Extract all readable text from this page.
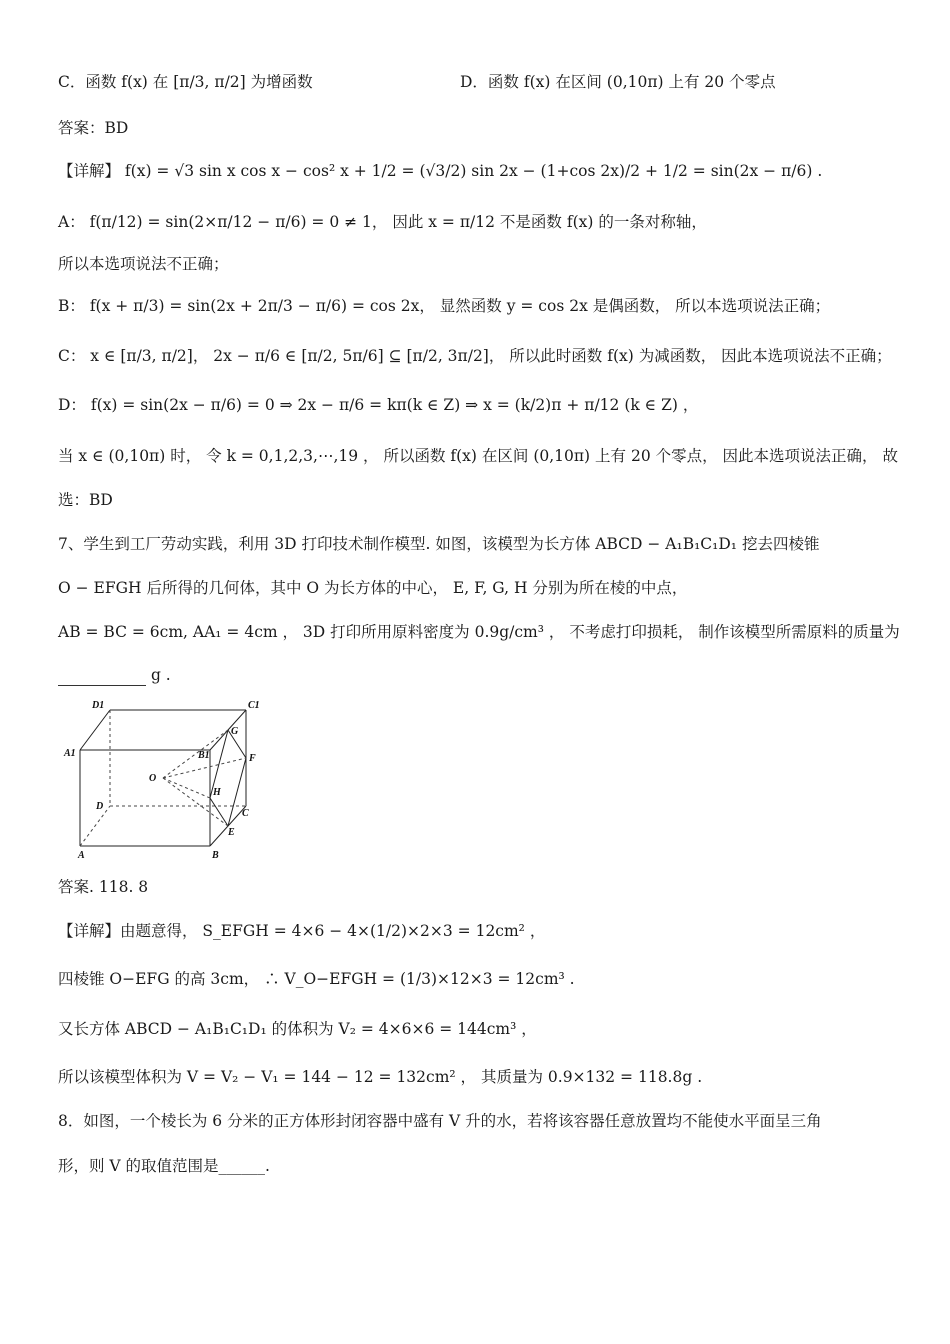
C．函数 f(x) 在 [π/3, π/2] 为增函数	D．函数 f(x) 在区间 (0,10π) 上有 20 个零点
答案：BD
【详解】 f(x) = √3 sin x cos x − cos² x + 1/2 = (√3/2) sin 2x − (1+cos 2x)/2 + 1/2 = sin(2x − π/6) .
A： f(π/12) = sin(2×π/12 − π/6) = 0 ≠ 1， 因此 x = π/12 不是函数 f(x) 的一条对称轴，
所以本选项说法不正确；
B： f(x + π/3) = sin(2x + 2π/3 − π/6) = cos 2x， 显然函数 y = cos 2x 是偶函数， 所以本选项说法正确；
C： x ∈ [π/3, π/2]， 2x − π/6 ∈ [π/2, 5π/6] ⊆ [π/2, 3π/2]， 所以此时函数 f(x) 为减函数， 因此本选项说法不正确；
D： f(x) = sin(2x − π/6) = 0 ⇒ 2x − π/6 = kπ(k ∈ Z) ⇒ x = (k/2)π + π/12 (k ∈ Z) ，
当 x ∈ (0,10π) 时， 令 k = 0,1,2,3,⋯,19 ， 所以函数 f(x) 在区间 (0,10π) 上有 20 个零点， 因此本选项说法正确， 故
选：BD
7、学生到工厂劳动实践，利用 3D 打印技术制作模型. 如图，该模型为长方体 ABCD − A₁B₁C₁D₁ 挖去四棱锥
O − EFGH 后所得的几何体，其中 O 为长方体的中心， E, F, G, H 分别为所在棱的中点，
AB = BC = 6cm, AA₁ = 4cm ， 3D 打印所用原料密度为 0.9g/cm³ ， 不考虑打印损耗， 制作该模型所需原料的质量为
g .
D1	C1
A1	B1
G
F
O
H
D
C
E
A	B
答案. 118. 8
【详解】由题意得， S_EFGH = 4×6 − 4×(1/2)×2×3 = 12cm² ，
四棱锥 O−EFG 的高 3cm， ∴ V_O−EFGH = (1/3)×12×3 = 12cm³ .
又长方体 ABCD − A₁B₁C₁D₁ 的体积为 V₂ = 4×6×6 = 144cm³ ，
所以该模型体积为 V = V₂ − V₁ = 144 − 12 = 132cm² ， 其质量为 0.9×132 = 118.8g .
8．如图，一个棱长为 6 分米的正方体形封闭容器中盛有 V 升的水，若将该容器任意放置均不能使水平面呈三角
形，则 V 的取值范围是______.
